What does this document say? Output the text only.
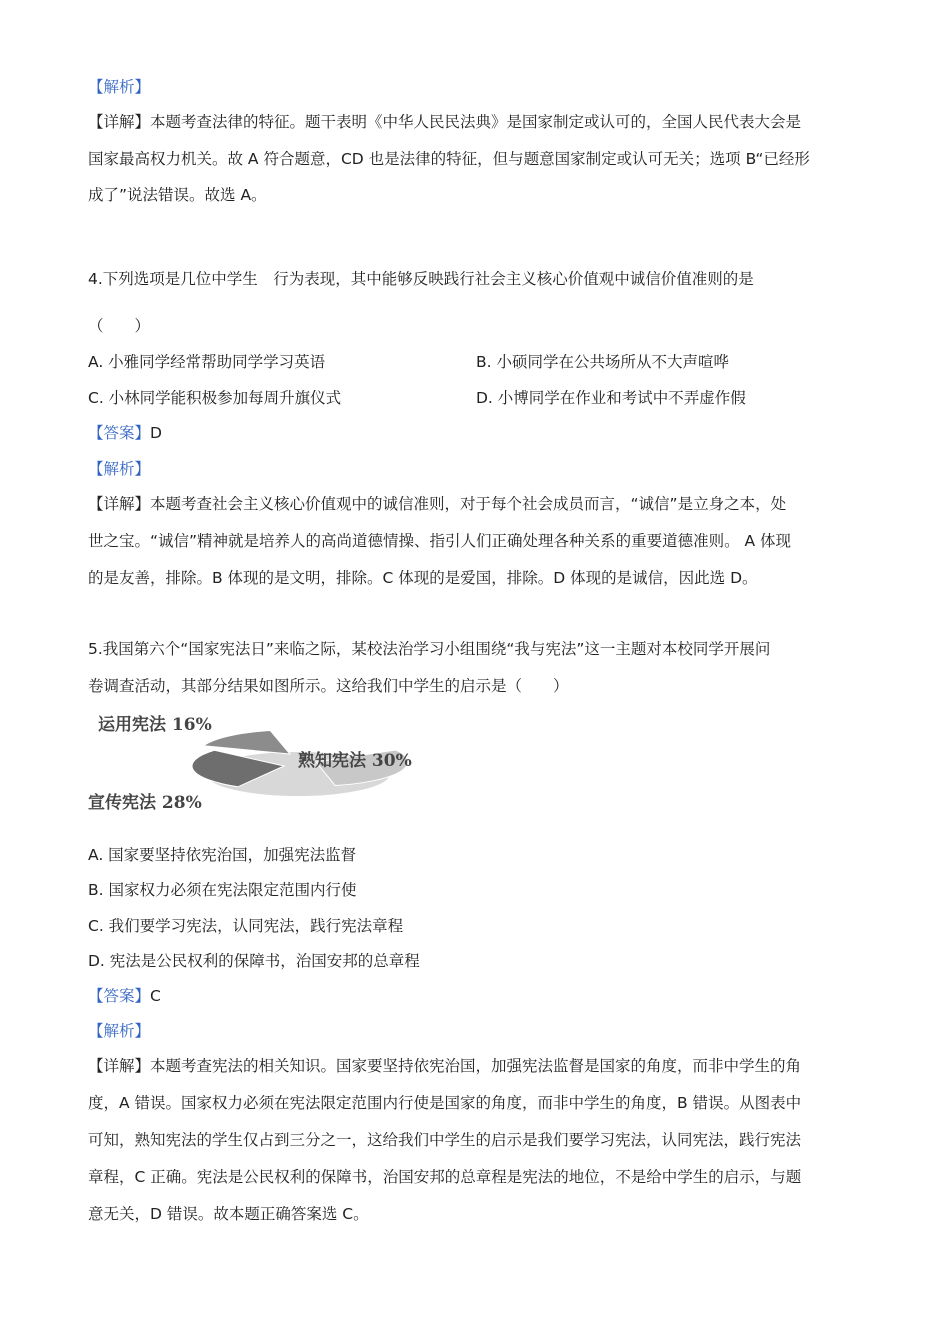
【解析】
【详解】本题考查法律的特征。题干表明《中华人民民法典》是国家制定或认可的，全国人民代表大会是
国家最高权力机关。故 A 符合题意，CD 也是法律的特征，但与题意国家制定或认可无关；选项 B“已经形
成了”说法错误。故选 A。
4.下列选项是几位中学生　行为表现，其中能够反映践行社会主义核心价值观中诚信价值准则的是
（　　）
A. 小雅同学经常帮助同学学习英语	B. 小硕同学在公共场所从不大声喧哗
C. 小林同学能积极参加每周升旗仪式	D. 小博同学在作业和考试中不弄虚作假
【答案】D
【解析】
【详解】本题考查社会主义核心价值观中的诚信准则，对于每个社会成员而言，“诚信”是立身之本，处
世之宝。“诚信”精神就是培养人的高尚道德情操、指引人们正确处理各种关系的重要道德准则。 A 体现
的是友善，排除。B 体现的是文明，排除。C 体现的是爱国，排除。D 体现的是诚信，因此选 D。
5.我国第六个“国家宪法日”来临之际，某校法治学习小组围绕“我与宪法”这一主题对本校同学开展问
卷调查活动，其部分结果如图所示。这给我们中学生的启示是（　　）
运用宪法 16%
熟知宪法 30%
宣传宪法 28%
A. 国家要坚持依宪治国，加强宪法监督
B. 国家权力必须在宪法限定范围内行使
C. 我们要学习宪法，认同宪法，践行宪法章程
D. 宪法是公民权利的保障书，治国安邦的总章程
【答案】C
【解析】
【详解】本题考查宪法的相关知识。国家要坚持依宪治国，加强宪法监督是国家的角度，而非中学生的角
度，A 错误。国家权力必须在宪法限定范围内行使是国家的角度，而非中学生的角度，B 错误。从图表中
可知，熟知宪法的学生仅占到三分之一，这给我们中学生的启示是我们要学习宪法，认同宪法，践行宪法
章程，C 正确。宪法是公民权利的保障书，治国安邦的总章程是宪法的地位，不是给中学生的启示，与题
意无关，D 错误。故本题正确答案选 C。
